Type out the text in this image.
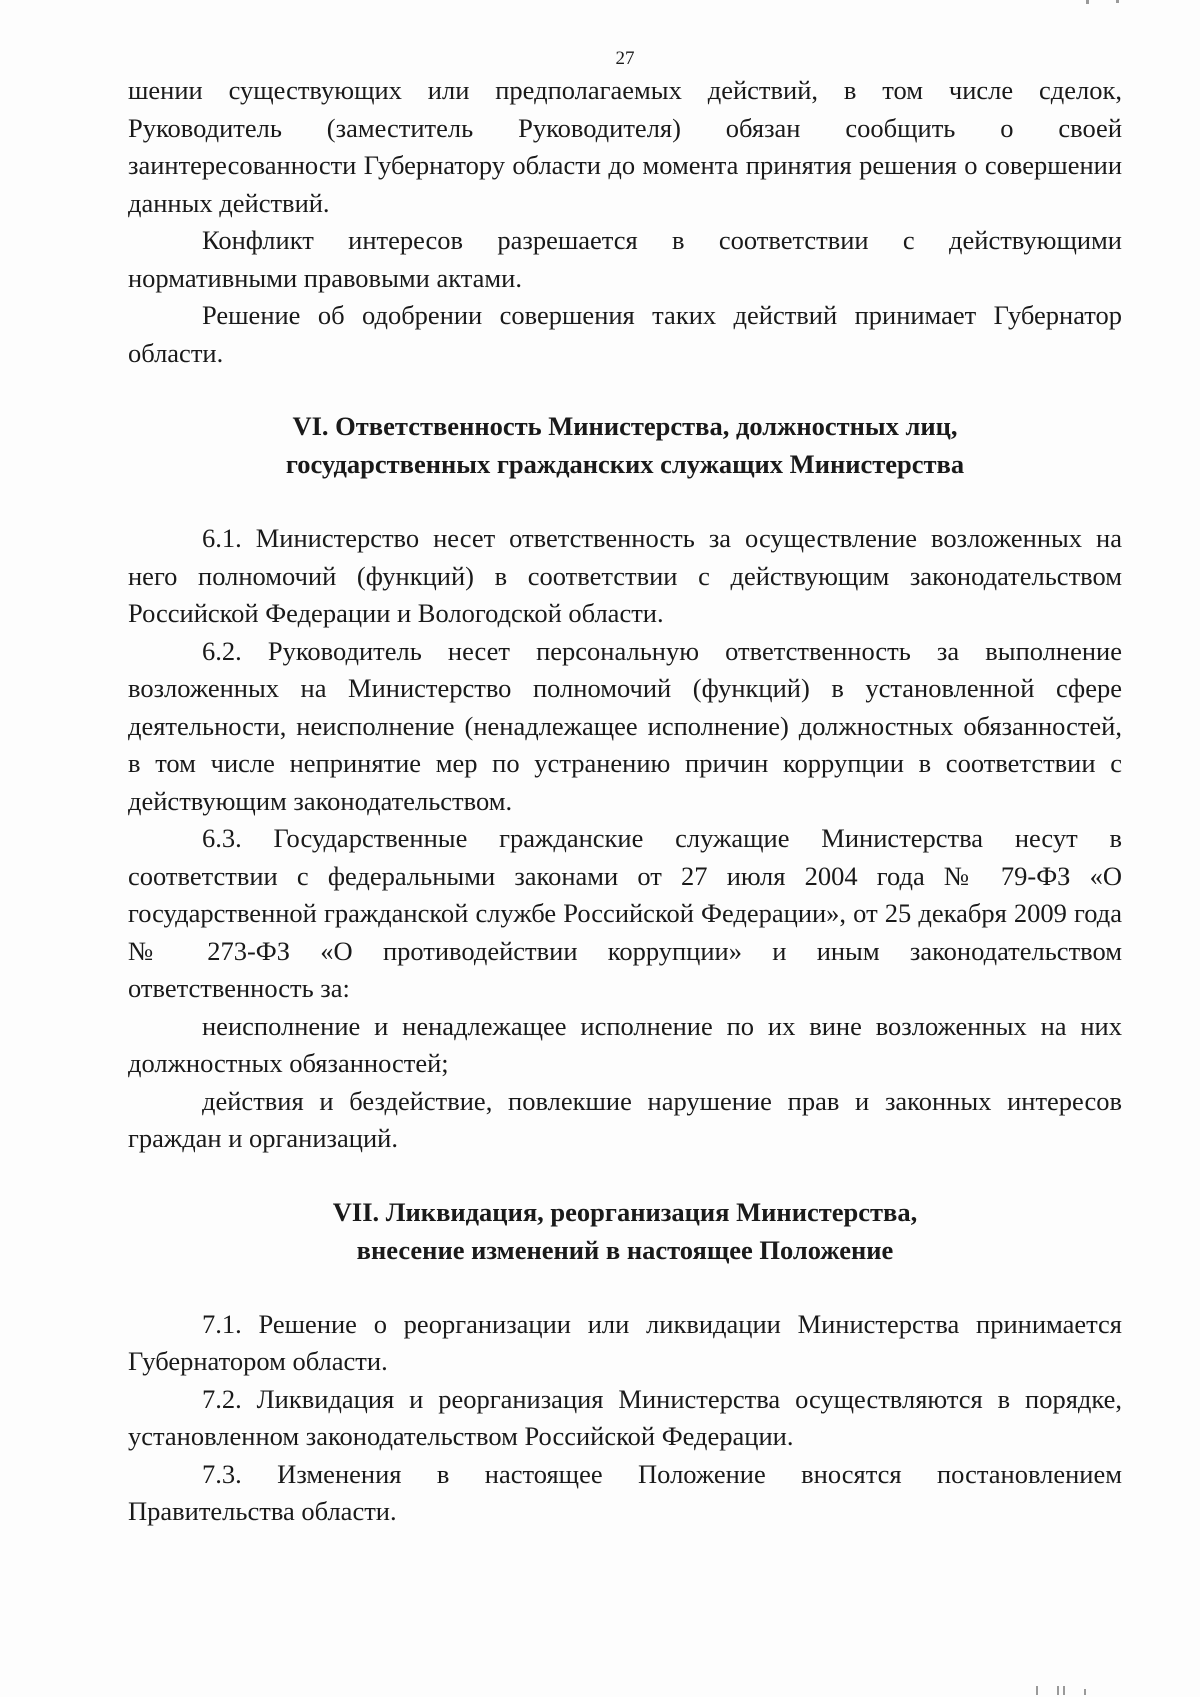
27

шении существующих или предполагаемых действий, в том числе сделок, Руководитель (заместитель Руководителя) обязан сообщить о своей заинтересованности Губернатору области до момента принятия решения о совершении данных действий.

Конфликт интересов разрешается в соответствии с действующими нормативными правовыми актами.

Решение об одобрении совершения таких действий принимает Губернатор области.

VI. Ответственность Министерства, должностных лиц,
государственных гражданских служащих Министерства

6.1. Министерство несет ответственность за осуществление возложенных на него полномочий (функций) в соответствии с действующим законодательством Российской Федерации и Вологодской области.

6.2. Руководитель несет персональную ответственность за выполнение возложенных на Министерство полномочий (функций) в установленной сфере деятельности, неисполнение (ненадлежащее исполнение) должностных обязанностей, в том числе непринятие мер по устранению причин коррупции в соответствии с действующим законодательством.

6.3. Государственные гражданские служащие Министерства несут в соответствии с федеральными законами от 27 июля 2004 года № 79-ФЗ «О государственной гражданской службе Российской Федерации», от 25 декабря 2009 года № 273-ФЗ «О противодействии коррупции» и иным законодательством ответственность за:

неисполнение и ненадлежащее исполнение по их вине возложенных на них должностных обязанностей;

действия и бездействие, повлекшие нарушение прав и законных интересов граждан и организаций.

VII. Ликвидация, реорганизация Министерства,
внесение изменений в настоящее Положение

7.1. Решение о реорганизации или ликвидации Министерства принимается Губернатором области.

7.2. Ликвидация и реорганизация Министерства осуществляются в порядке, установленном законодательством Российской Федерации.

7.3. Изменения в настоящее Положение вносятся постановлением Правительства области.
